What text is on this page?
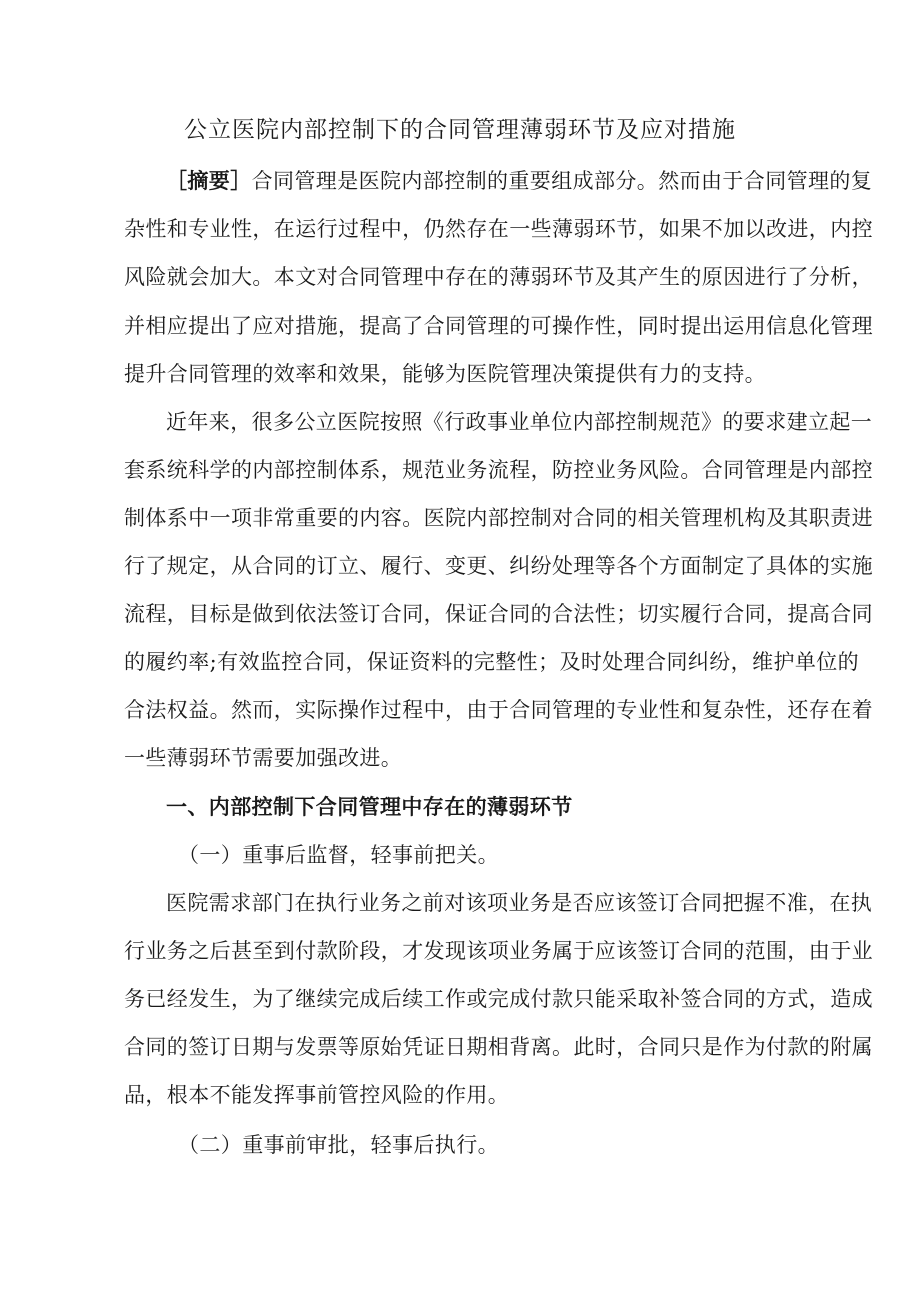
公立医院内部控制下的合同管理薄弱环节及应对措施
［摘要］合同管理是医院内部控制的重要组成部分。然而由于合同管理的复
杂性和专业性，在运行过程中，仍然存在一些薄弱环节，如果不加以改进，内控
风险就会加大。本文对合同管理中存在的薄弱环节及其产生的原因进行了分析，
并相应提出了应对措施，提高了合同管理的可操作性，同时提出运用信息化管理
提升合同管理的效率和效果，能够为医院管理决策提供有力的支持。
近年来，很多公立医院按照《行政事业单位内部控制规范》的要求建立起一
套系统科学的内部控制体系，规范业务流程，防控业务风险。合同管理是内部控
制体系中一项非常重要的内容。医院内部控制对合同的相关管理机构及其职责进
行了规定，从合同的订立、履行、变更、纠纷处理等各个方面制定了具体的实施
流程，目标是做到依法签订合同，保证合同的合法性；切实履行合同，提高合同
的履约率;有效监控合同，保证资料的完整性；及时处理合同纠纷，维护单位的
合法权益。然而，实际操作过程中，由于合同管理的专业性和复杂性，还存在着
一些薄弱环节需要加强改进。
一、内部控制下合同管理中存在的薄弱环节
（一）重事后监督，轻事前把关。
医院需求部门在执行业务之前对该项业务是否应该签订合同把握不准，在执
行业务之后甚至到付款阶段，才发现该项业务属于应该签订合同的范围，由于业
务已经发生，为了继续完成后续工作或完成付款只能采取补签合同的方式，造成
合同的签订日期与发票等原始凭证日期相背离。此时，合同只是作为付款的附属
品，根本不能发挥事前管控风险的作用。
（二）重事前审批，轻事后执行。
